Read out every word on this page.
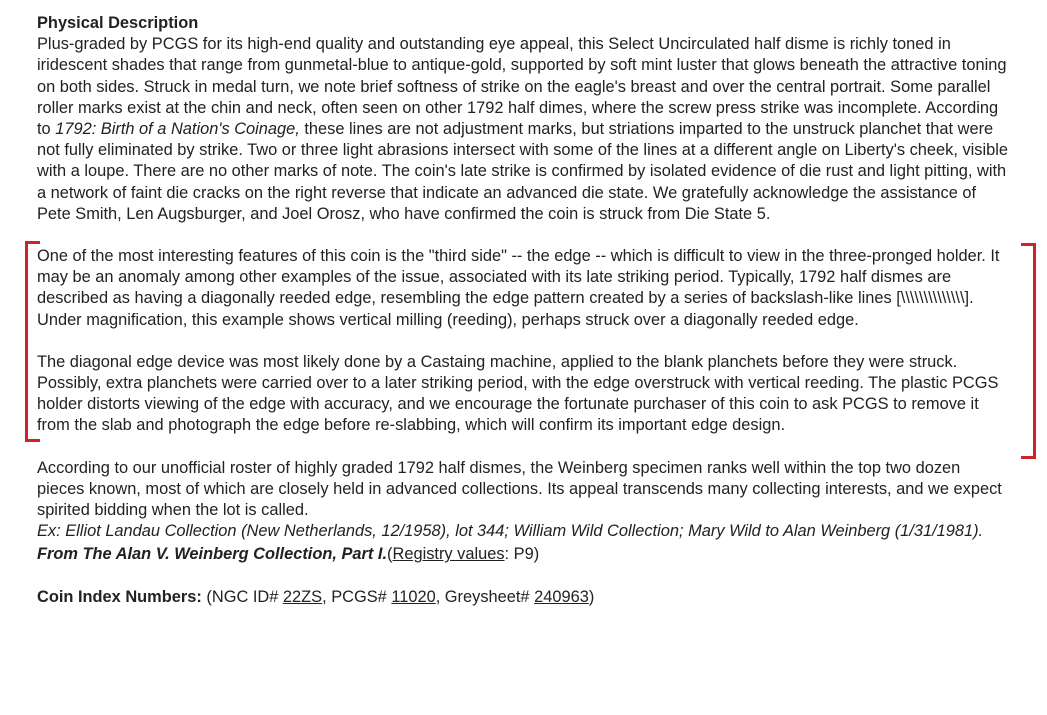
Physical Description

Plus-graded by PCGS for its high-end quality and outstanding eye appeal, this Select Uncirculated half disme is richly toned in iridescent shades that range from gunmetal-blue to antique-gold, supported by soft mint luster that glows beneath the attractive toning on both sides. Struck in medal turn, we note brief softness of strike on the eagle's breast and over the central portrait. Some parallel roller marks exist at the chin and neck, often seen on other 1792 half dimes, where the screw press strike was incomplete. According to 1792: Birth of a Nation's Coinage, these lines are not adjustment marks, but striations imparted to the unstruck planchet that were not fully eliminated by strike. Two or three light abrasions intersect with some of the lines at a different angle on Liberty's cheek, visible with a loupe. There are no other marks of note. The coin's late strike is confirmed by isolated evidence of die rust and light pitting, with a network of faint die cracks on the right reverse that indicate an advanced die state. We gratefully acknowledge the assistance of Pete Smith, Len Augsburger, and Joel Orosz, who have confirmed the coin is struck from Die State 5.

One of the most interesting features of this coin is the "third side" -- the edge -- which is difficult to view in the three-pronged holder. It may be an anomaly among other examples of the issue, associated with its late striking period. Typically, 1792 half dismes are described as having a diagonally reeded edge, resembling the edge pattern created by a series of backslash-like lines [\\\\\\\\\\\\\\]. Under magnification, this example shows vertical milling (reeding), perhaps struck over a diagonally reeded edge.

The diagonal edge device was most likely done by a Castaing machine, applied to the blank planchets before they were struck. Possibly, extra planchets were carried over to a later striking period, with the edge overstruck with vertical reeding. The plastic PCGS holder distorts viewing of the edge with accuracy, and we encourage the fortunate purchaser of this coin to ask PCGS to remove it from the slab and photograph the edge before re-slabbing, which will confirm its important edge design.

According to our unofficial roster of highly graded 1792 half dismes, the Weinberg specimen ranks well within the top two dozen pieces known, most of which are closely held in advanced collections. Its appeal transcends many collecting interests, and we expect spirited bidding when the lot is called.

Ex: Elliot Landau Collection (New Netherlands, 12/1958), lot 344; William Wild Collection; Mary Wild to Alan Weinberg (1/31/1981).

From The Alan V. Weinberg Collection, Part I.(Registry values: P9)

Coin Index Numbers: (NGC ID# 22ZS, PCGS# 11020, Greysheet# 240963)
